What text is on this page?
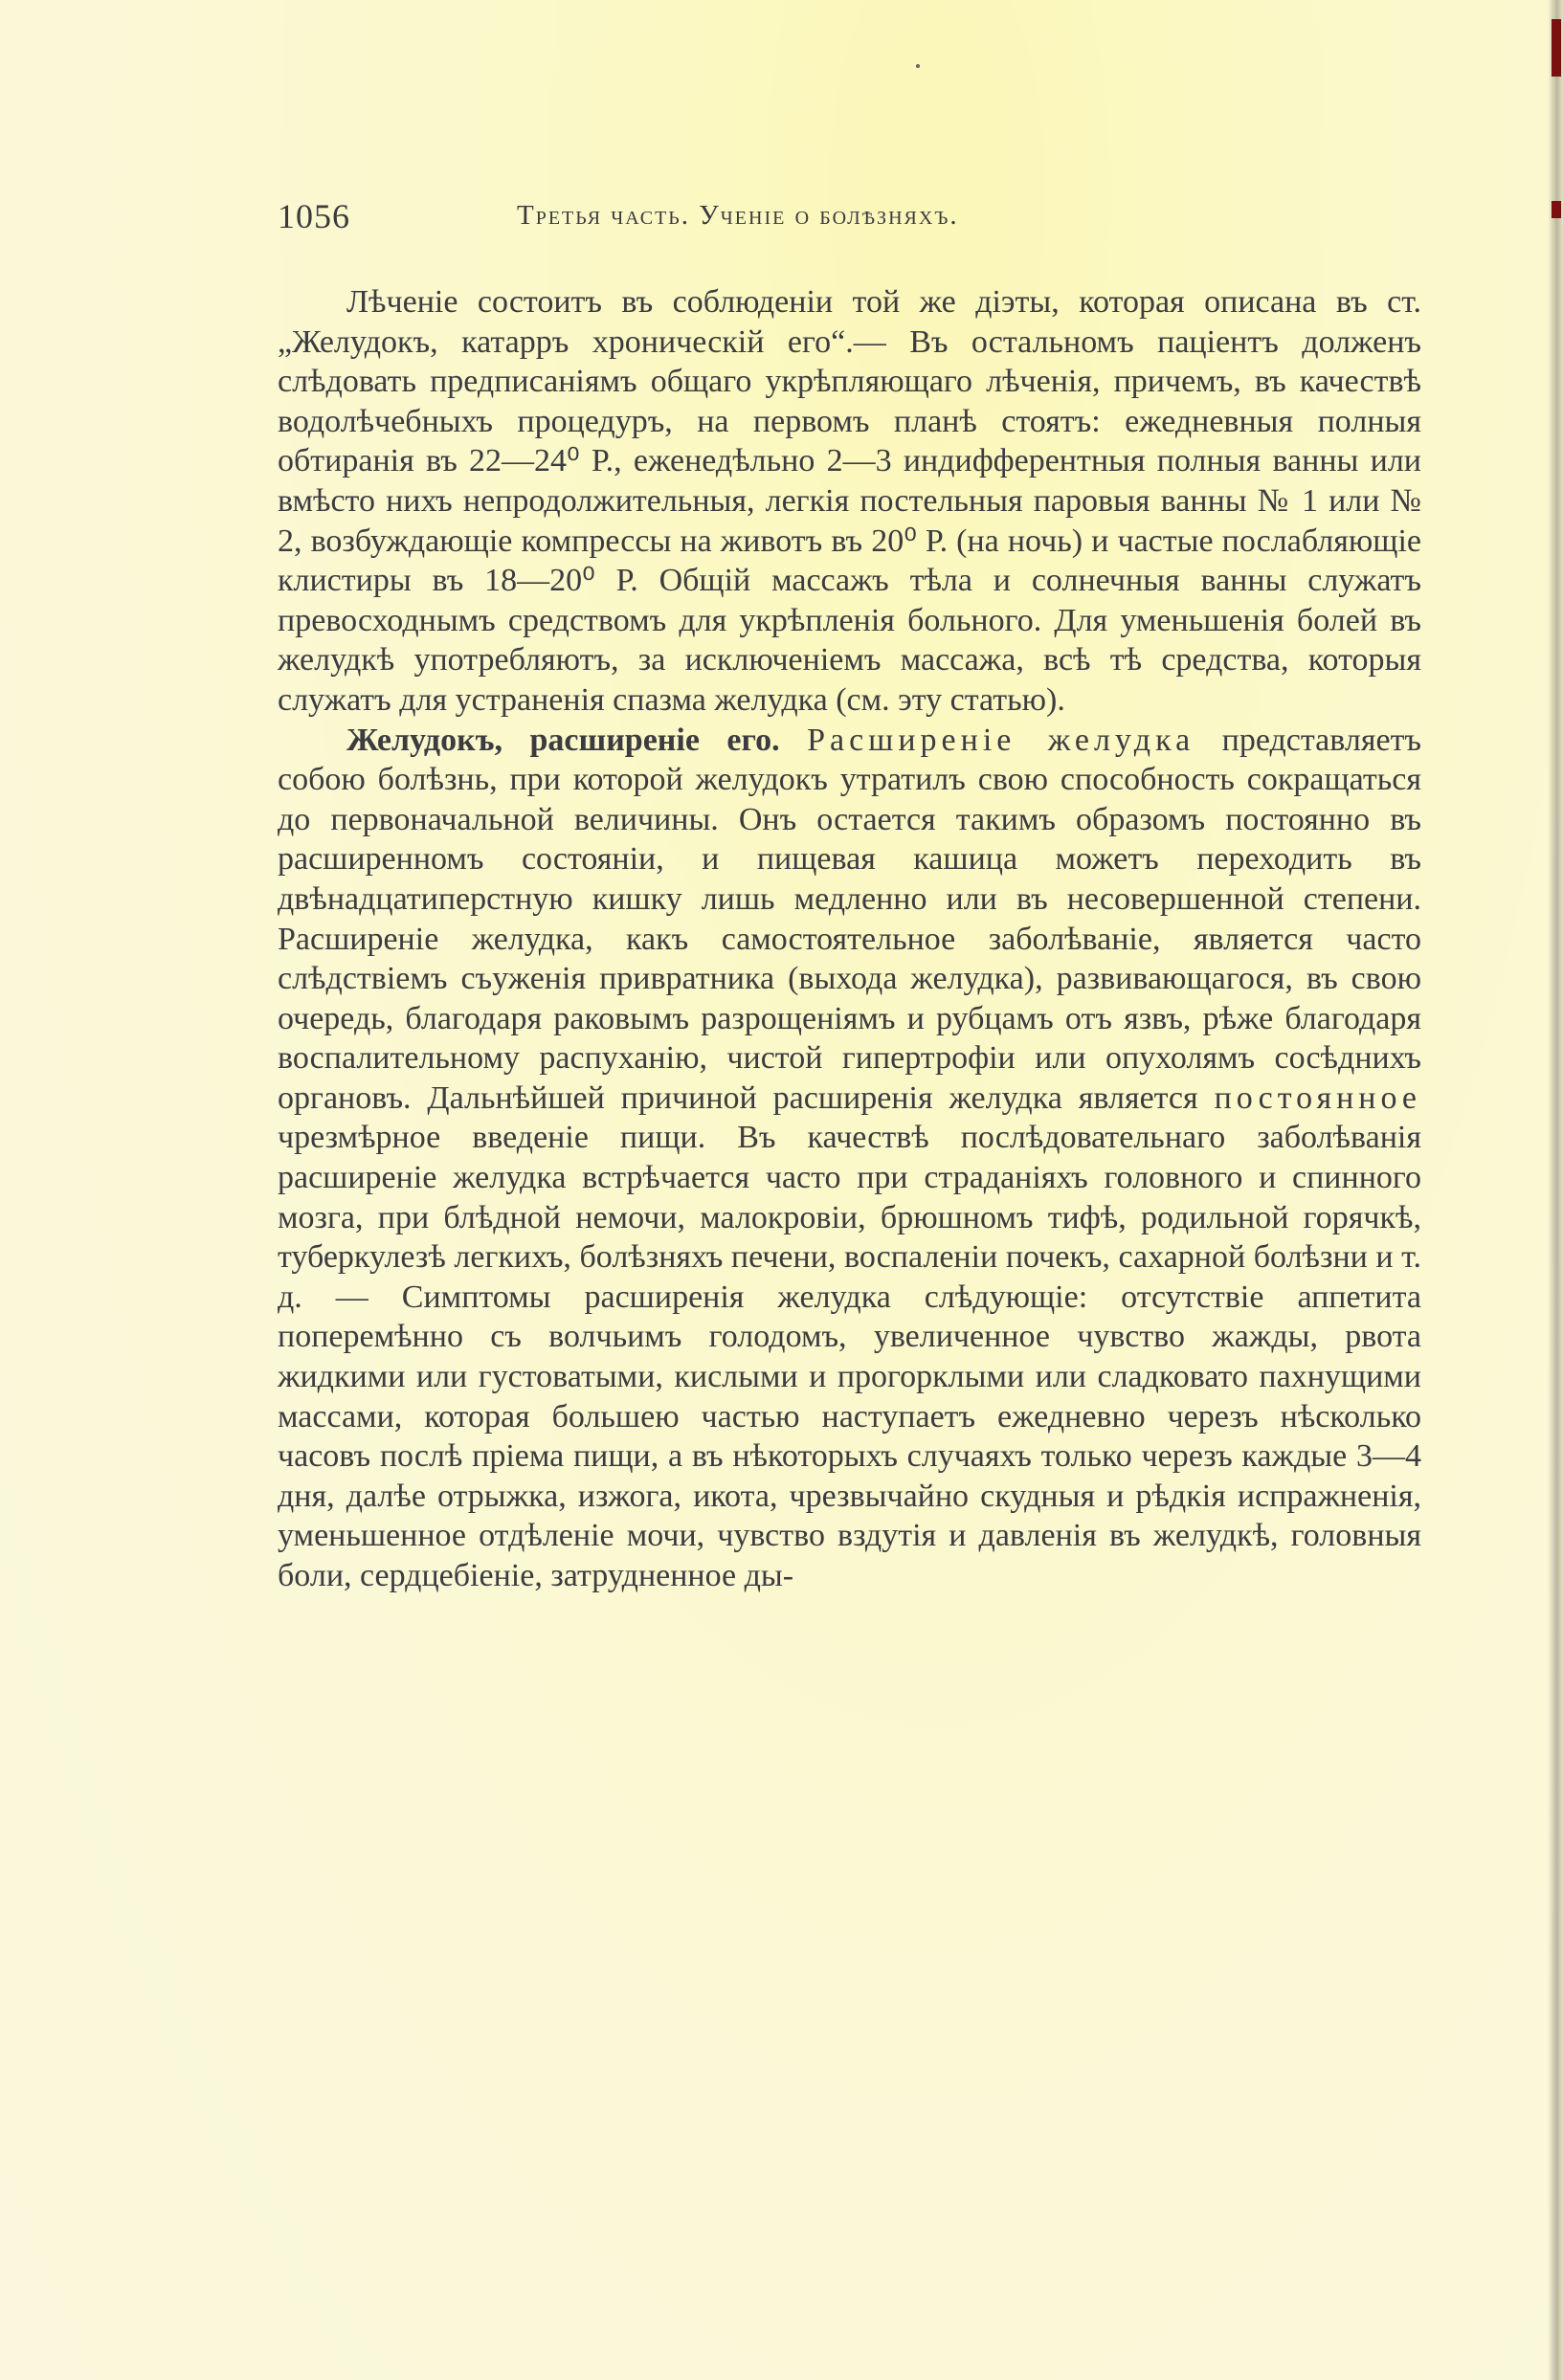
1056	Третья часть. Ученіе о болѣзняхъ.

Лѣченіе состоитъ въ соблюденіи той же діэты, которая описана въ ст. „Желудокъ, катарръ хроническій его“.— Въ остальномъ паціентъ долженъ слѣдовать предписаніямъ общаго укрѣпляющаго лѣченія, причемъ, въ качествѣ водолѣчебныхъ процедуръ, на первомъ планѣ стоятъ: ежедневныя полныя обтиранія въ 22—24⁰ Р., еженедѣльно 2—3 индифферентныя полныя ванны или вмѣсто нихъ непродолжительныя, легкія постельныя паровыя ванны № 1 или № 2, возбуждающіе компрессы на животъ въ 20⁰ Р. (на ночь) и частые послабляющіе клистиры въ 18—20⁰ Р. Общій массажъ тѣла и солнечныя ванны служатъ превосходнымъ средствомъ для укрѣпленія больного. Для уменьшенія болей въ желудкѣ употребляютъ, за исключеніемъ массажа, всѣ тѣ средства, которыя служатъ для устраненія спазма желудка (см. эту статью).

Желудокъ, расширеніе его. Расширеніе желудка представляетъ собою болѣзнь, при которой желудокъ утратилъ свою способность сокращаться до первоначальной величины. Онъ остается такимъ образомъ постоянно въ расширенномъ состояніи, и пищевая кашица можетъ переходить въ двѣнадцатиперстную кишку лишь медленно или въ несовершенной степени. Расширеніе желудка, какъ самостоятельное заболѣваніе, является часто слѣдствіемъ съуженія привратника (выхода желудка), развивающагося, въ свою очередь, благодаря раковымъ разрощеніямъ и рубцамъ отъ язвъ, рѣже благодаря воспалительному распуханію, чистой гипертрофіи или опухолямъ сосѣднихъ органовъ. Дальнѣйшей причиной расширенія желудка является постоянное чрезмѣрное введеніе пищи. Въ качествѣ послѣдовательнаго заболѣванія расширеніе желудка встрѣчается часто при страданіяхъ головного и спинного мозга, при блѣдной немочи, малокровіи, брюшномъ тифѣ, родильной горячкѣ, туберкулезѣ легкихъ, болѣзняхъ печени, воспаленіи почекъ, сахарной болѣзни и т. д. — Симптомы расширенія желудка слѣдующіе: отсутствіе аппетита поперемѣнно съ волчьимъ голодомъ, увеличенное чувство жажды, рвота жидкими или густоватыми, кислыми и прогорклыми или сладковато пахнущими массами, которая большею частью наступаетъ ежедневно черезъ нѣсколько часовъ послѣ пріема пищи, а въ нѣкоторыхъ случаяхъ только черезъ каждые 3—4 дня, далѣе отрыжка, изжога, икота, чрезвычайно скудныя и рѣдкія испражненія, уменьшенное отдѣленіе мочи, чувство вздутія и давленія въ желудкѣ, головныя боли, сердцебіеніе, затрудненное ды-
